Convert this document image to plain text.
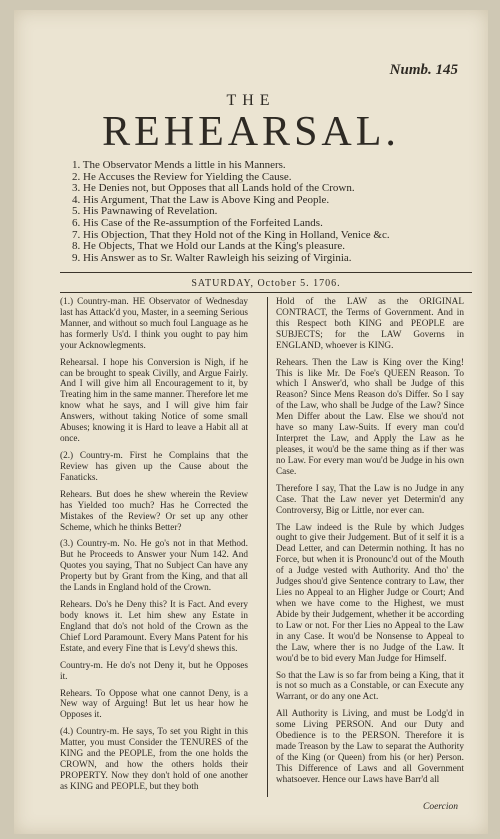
Numb. 145
THE
REHEARSAL.
1. The Observator Mends a little in his Manners.
2. He Accuses the Review for Yielding the Cause.
3. He Denies not, but Opposes that all Lands hold of the Crown.
4. His Argument, That the Law is Above King and People.
5. His Pawnawing of Revelation.
6. His Case of the Re-assumption of the Forfeited Lands.
7. His Objection, That they Hold not of the King in Holland, Venice &c.
8. He Objects, That we Hold our Lands at the King's pleasure.
9. His Answer as to Sr. Walter Rawleigh his seizing of Virginia.
SATURDAY, October 5. 1706.

(1.) Country-man. HE Observator of Wednesday last has Attack'd you, Master, in a seeming Serious Manner, and without so much foul Language as he has formerly Us'd. I think you ought to pay him your Acknowlegments.

Rehearsal. I hope his Conversion is Nigh, if he can be brought to speak Civilly, and Argue Fairly. And I will give him all Encouragement to it, by Treating him in the same manner. Therefore let me know what he says, and I will give him fair Answers, without taking Notice of some small Abuses; knowing it is Hard to leave a Habit all at once.

(2.) Country-m. First he Complains that the Review has given up the Cause about the Fanaticks.

Rehears. But does he shew wherein the Review has Yielded too much? Has he Corrected the Mistakes of the Review? Or set up any other Scheme, which he thinks Better?

(3.) Country-m. No. He go's not in that Method. But he Proceeds to Answer your Num 142. And Quotes you saying, That no Subject Can have any Property but by Grant from the King, and that all the Lands in England hold of the Crown.

Rehears. Do's he Deny this? It is Fact. And every body knows it. Let him shew any Estate in England that do's not hold of the Crown as the Chief Lord Paramount. Every Mans Patent for his Estate, and every Fine that is Levy'd shews this.

Country-m. He do's not Deny it, but he Opposes it.

Rehears. To Oppose what one cannot Deny, is a New way of Arguing! But let us hear how he Opposes it.

(4.) Country-m. He says, To set you Right in this Matter, you must Consider the TENURES of the KING and the PEOPLE, from the one holds the CROWN, and how the others holds their PROPERTY. Now they don't hold of one another as KING and PEOPLE, but they both

Hold of the LAW as the ORIGINAL CONTRACT, the Terms of Government. And in this Respect both KING and PEOPLE are SUBJECTS; for the LAW Governs in ENGLAND, whoever is KING.

Rehears. Then the Law is King over the King! This is like Mr. De Foe's QUEEN Reason. To which I Answer'd, who shall be Judge of this Reason? Since Mens Reason do's Differ. So I say of the Law, who shall be Judge of the Law? Since Men Differ about the Law. Else we shou'd not have so many Law-Suits. If every man cou'd Interpret the Law, and Apply the Law as he pleases, it wou'd be the same thing as if ther was no Law. For every man wou'd be Judge in his own Case.

Therefore I say, That the Law is no Judge in any Case. That the Law never yet Determin'd any Controversy, Big or Little, nor ever can.

The Law indeed is the Rule by which Judges ought to give their Judgement. But of it self it is a Dead Letter, and can Determin nothing. It has no Force, but when it is Pronounc'd out of the Mouth of a Judge vested with Authority. And tho' the Judges shou'd give Sentence contrary to Law, ther Lies no Appeal to an Higher Judge or Court; And when we have come to the Highest, we must Abide by their Judgement, whether it be according to Law or not. For ther Lies no Appeal to the Law in any Case. It wou'd be Nonsense to Appeal to the Law, where ther is no Judge of the Law. It wou'd be to bid every Man Judge for Himself.

So that the Law is so far from being a King, that it is not so much as a Constable, or can Execute any Warrant, or do any one Act.

All Authority is Living, and must be Lodg'd in some Living PERSON. And our Duty and Obedience is to the PERSON. Therefore it is made Treason by the Law to separat the Authority of the King (or Queen) from his (or her) Person. This Difference of Laws and all Government whatsoever. Hence our Laws have Barr'd all

Coercion
